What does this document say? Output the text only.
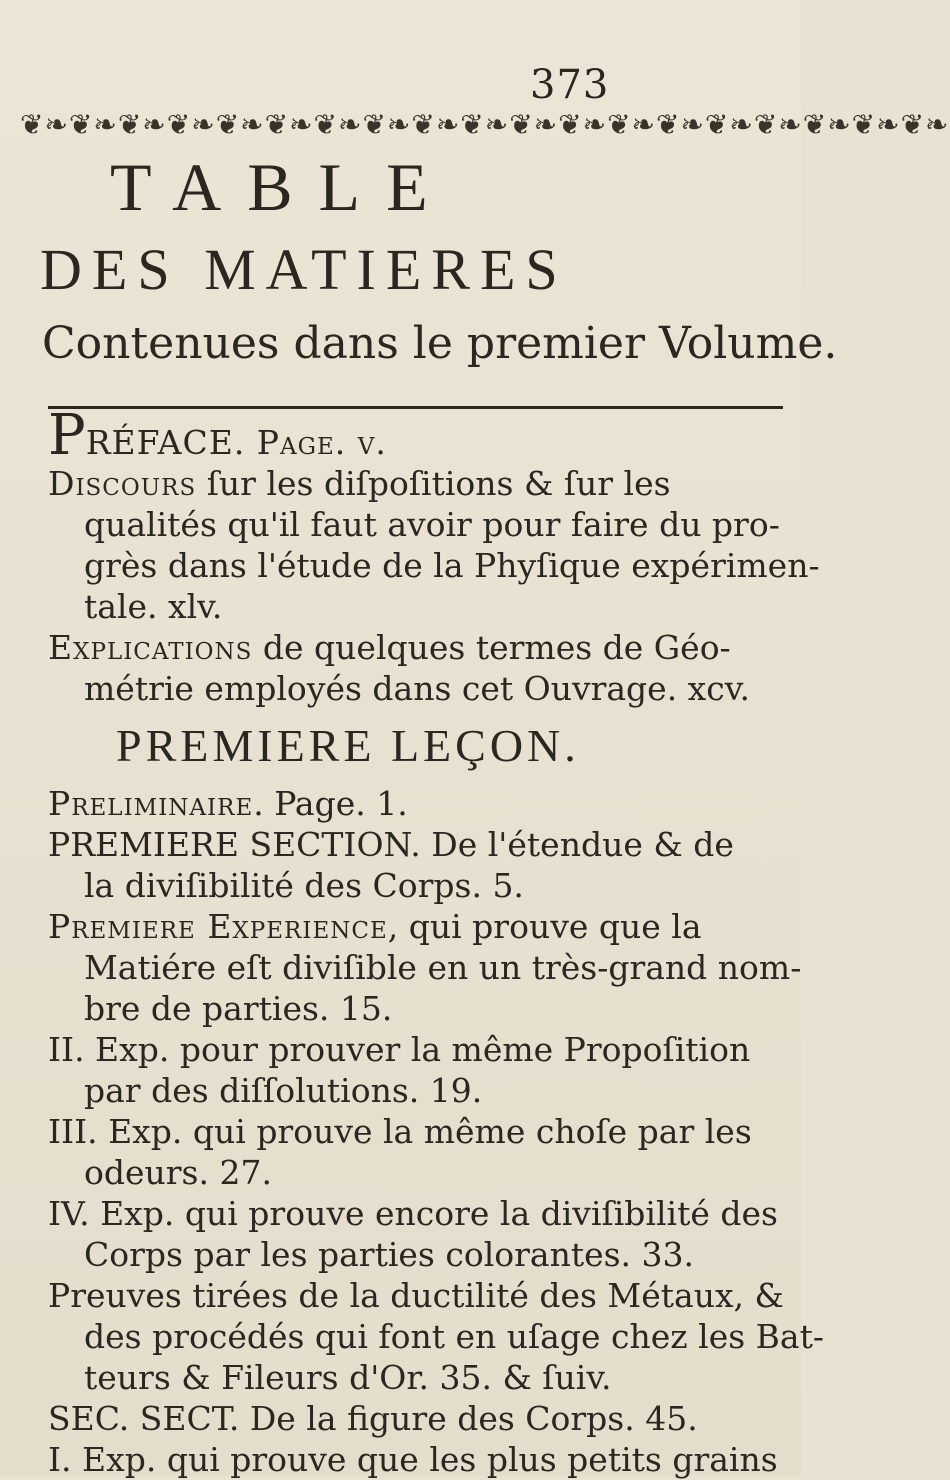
373
❦❧❦❧❦❧❦❧❦❧❦❧❦❧❦❧❦❧❦❧❦❧❦❧❦❧❦❧❦❧❦❧❦❧❦❧❦❧
TABLE
DES MATIERES
Contenues dans le premier Volume.
PRÉFACE. Page. v.
Discours ſur les diſpoſitions & ſur les
qualités qu'il faut avoir pour faire du pro-
grès dans l'étude de la Phyſique expérimen-
tale. xlv.
Explications de quelques termes de Géo-
métrie employés dans cet Ouvrage. xcv.
PREMIERE LEÇON.
Preliminaire. Page. 1.
PREMIERE SECTION. De l'étendue & de
la diviſibilité des Corps. 5.
Premiere Experience, qui prouve que la
Matiére eſt diviſible en un très-grand nom-
bre de parties. 15.
II. Exp. pour prouver la même Propoſition
par des diſſolutions. 19.
III. Exp. qui prouve la même choſe par les
odeurs. 27.
IV. Exp. qui prouve encore la diviſibilité des
Corps par les parties colorantes. 33.
Preuves tirées de la ductilité des Métaux, &
des procédés qui font en uſage chez les Bat-
teurs & Fileurs d'Or. 35. & ſuiv.
SEC. SECT. De la figure des Corps. 45.
I. Exp. qui prouve que les plus petits grains
